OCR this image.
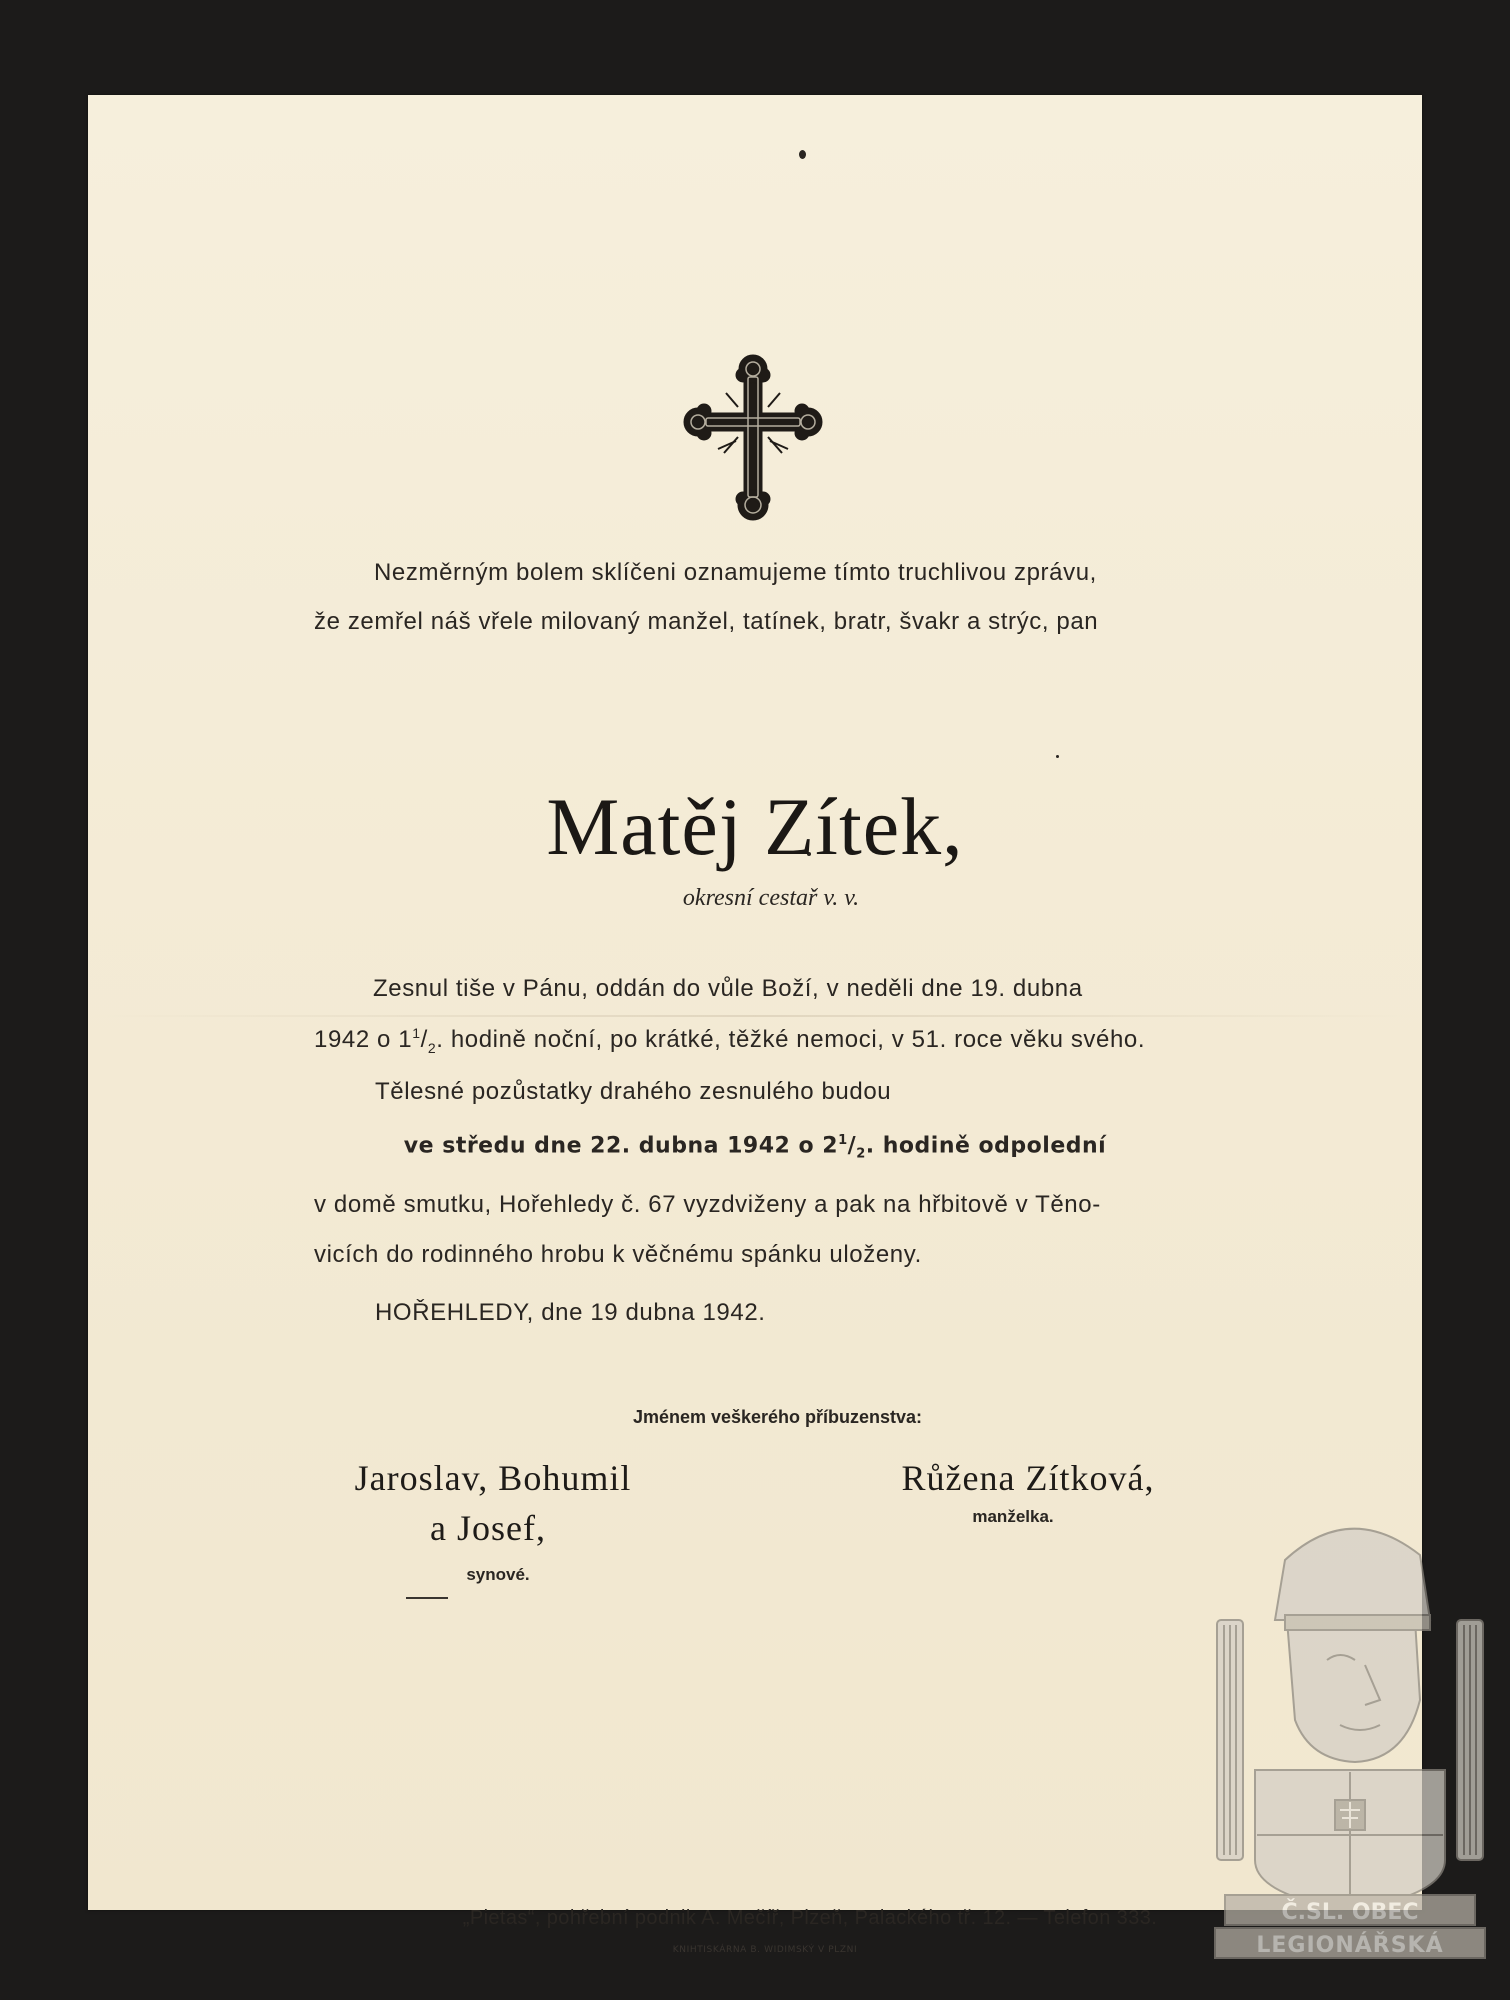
Nezměrným bolem sklíčeni oznamujeme tímto truchlivou zprávu,
že zemřel náš vřele milovaný manžel, tatínek, bratr, švakr a strýc, pan
Matěj Zítek,
okresní cestař v. v.
Zesnul tiše v Pánu, oddán do vůle Boží, v neděli dne 19. dubna
1942 o $1^1/_2$. hodině noční, po krátké, těžké nemoci, v 51. roce věku svého.
Tělesné pozůstatky drahého zesnulého budou
ve středu dne 22. dubna 1942 o $2^1/_2$. hodině odpolední
v domě smutku, Hořehledy č. 67 vyzdviženy a pak na hřbitově v Těno-
vicích do rodinného hrobu k věčnému spánku uloženy.
HOŘEHLEDY, dne 19 dubna 1942.
Jménem veškerého příbuzenstva:
Jaroslav, Bohumil
a Josef,
synové.
Růžena Zítková,
manželka.
„Pietas“, pohřební podnik A. Mečíř, Plzeň, Palackého tř. 12. — Telefon 333.
KNIHTISKÁRNA B. WIDIMSKÝ V PLZNI
Č.SL. OBEC
LEGIONÁŘSKÁ
